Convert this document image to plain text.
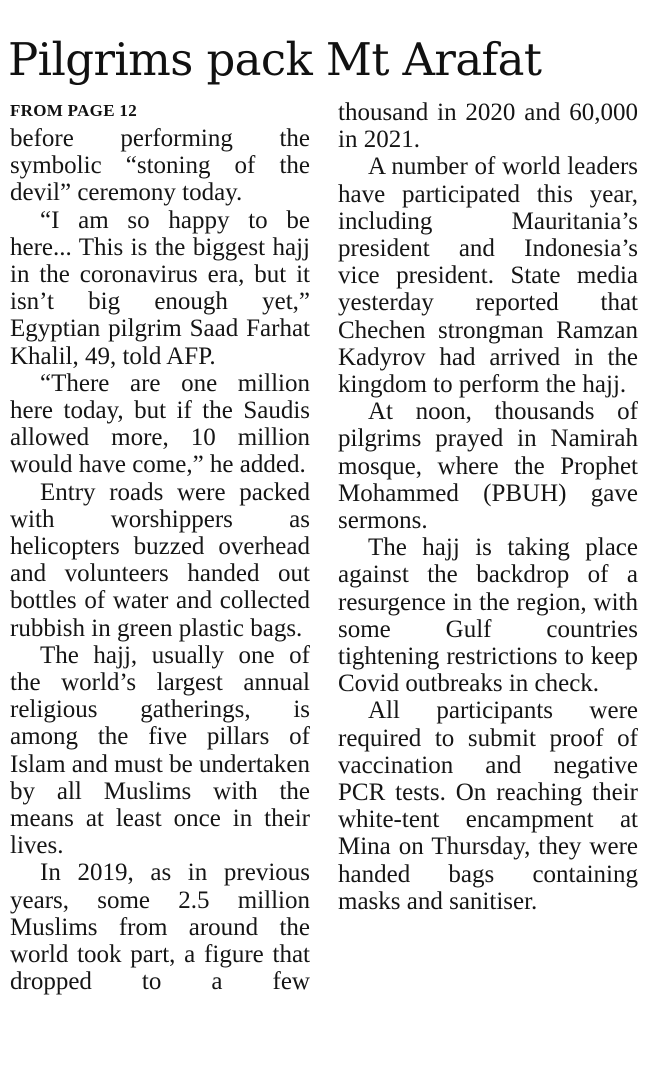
Pilgrims pack Mt Arafat
FROM PAGE 12

before performing the symbolic “stoning of the devil” ceremony today.

“I am so happy to be here... This is the biggest hajj in the coronavirus era, but it isn’t big enough yet,” Egyptian pilgrim Saad Farhat Khalil, 49, told AFP.

“There are one million here today, but if the Saudis allowed more, 10 million would have come,” he added.

Entry roads were packed with worshippers as helicopters buzzed overhead and volunteers handed out bottles of water and collected rubbish in green plastic bags.

The hajj, usually one of the world’s largest annual religious gatherings, is among the five pillars of Islam and must be undertaken by all Muslims with the means at least once in their lives.

In 2019, as in previous years, some 2.5 million Muslims from around the world took part, a figure that dropped to a few

thousand in 2020 and 60,000 in 2021.

A number of world leaders have participated this year, including Mauritania’s president and Indonesia’s vice president. State media yesterday reported that Chechen strongman Ramzan Kadyrov had arrived in the kingdom to perform the hajj.

At noon, thousands of pilgrims prayed in Namirah mosque, where the Prophet Mohammed (PBUH) gave sermons.

The hajj is taking place against the backdrop of a resurgence in the region, with some Gulf countries tightening restrictions to keep Covid outbreaks in check.

All participants were required to submit proof of vaccination and negative PCR tests. On reaching their white-tent encampment at Mina on Thursday, they were handed bags containing masks and sanitiser.
